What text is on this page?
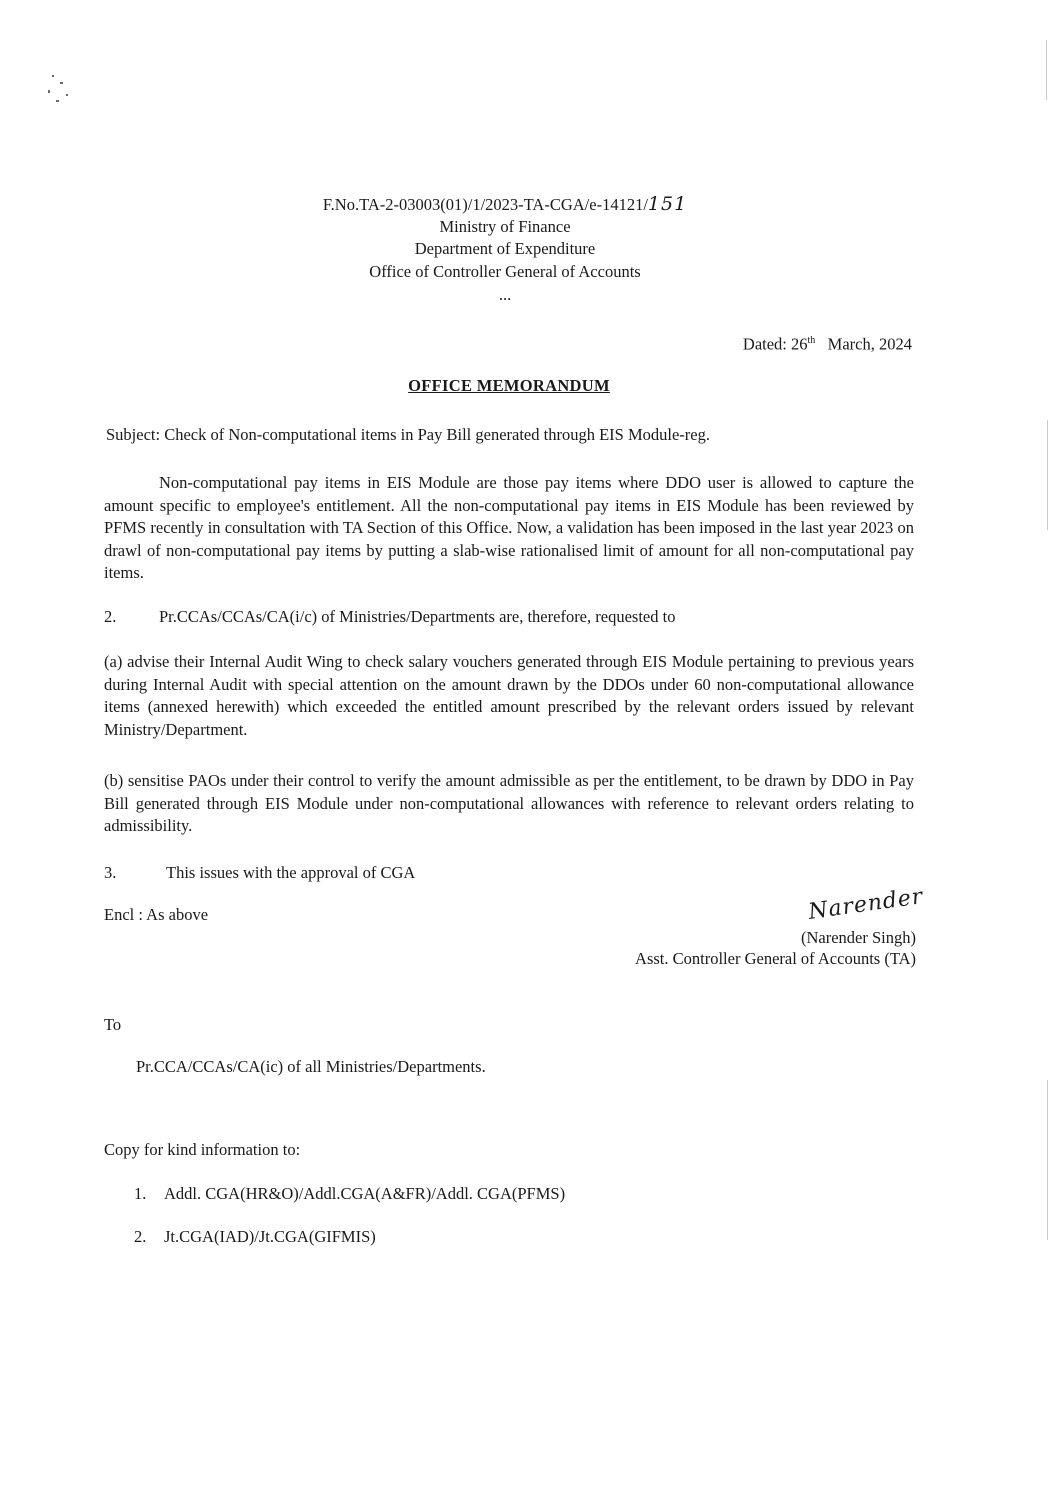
F.No.TA-2-03003(01)/1/2023-TA-CGA/e-14121/151
Ministry of Finance
Department of Expenditure
Office of Controller General of Accounts
...
Dated: 26th March, 2024
OFFICE MEMORANDUM
Subject: Check of Non-computational items in Pay Bill generated through EIS Module-reg.

Non-computational pay items in EIS Module are those pay items where DDO user is allowed to capture the amount specific to employee's entitlement. All the non-computational pay items in EIS Module has been reviewed by PFMS recently in consultation with TA Section of this Office. Now, a validation has been imposed in the last year 2023 on drawl of non-computational pay items by putting a slab-wise rationalised limit of amount for all non-computational pay items.

2.	Pr.CCAs/CCAs/CA(i/c) of Ministries/Departments are, therefore, requested to

(a) advise their Internal Audit Wing to check salary vouchers generated through EIS Module pertaining to previous years during Internal Audit with special attention on the amount drawn by the DDOs under 60 non-computational allowance items (annexed herewith) which exceeded the entitled amount prescribed by the relevant orders issued by relevant Ministry/Department.

(b) sensitise PAOs under their control to verify the amount admissible as per the entitlement, to be drawn by DDO in Pay Bill generated through EIS Module under non-computational allowances with reference to relevant orders relating to admissibility.

3.	This issues with the approval of CGA
Encl : As above	Narender
(Narender Singh)
Asst. Controller General of Accounts (TA)
To
Pr.CCA/CCAs/CA(ic) of all Ministries/Departments.
Copy for kind information to:
1. Addl. CGA(HR&O)/Addl.CGA(A&FR)/Addl. CGA(PFMS)
2. Jt.CGA(IAD)/Jt.CGA(GIFMIS)
